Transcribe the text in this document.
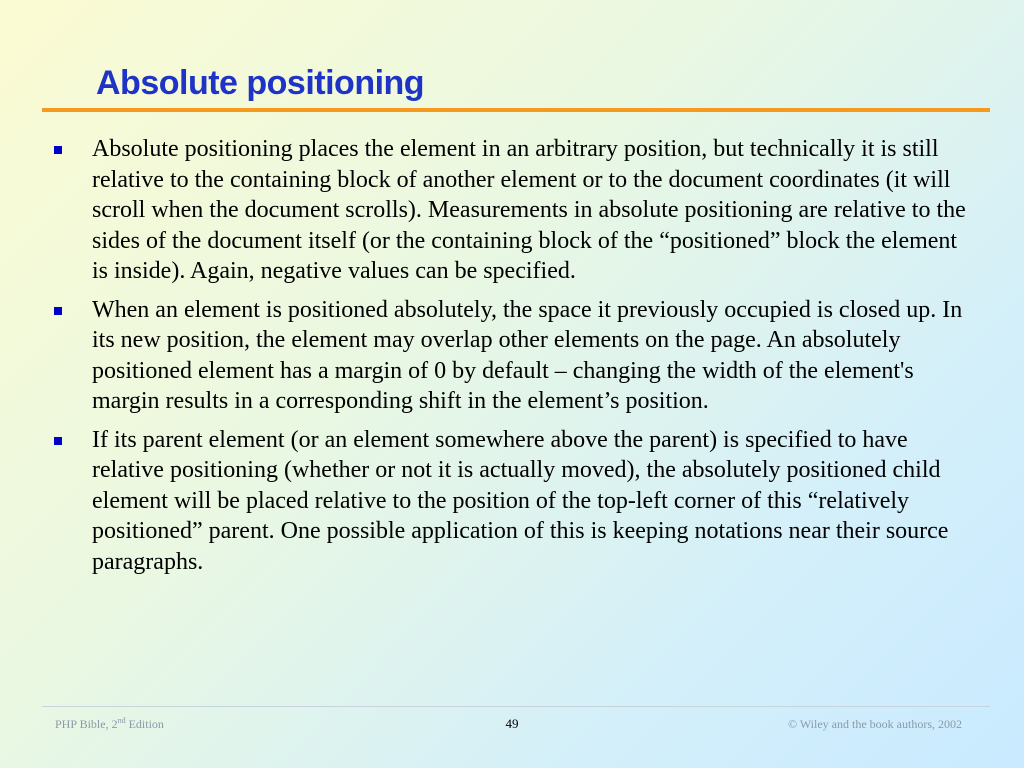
Absolute positioning
Absolute positioning places the element in an arbitrary position, but technically it is still relative to the containing block of another element or to the document coordinates (it will scroll when the document scrolls). Measurements in absolute positioning are relative to the sides of the document itself (or the containing block of the “positioned” block the element is inside). Again, negative values can be specified.
When an element is positioned absolutely, the space it previously occupied is closed up. In its new position, the element may overlap other elements on the page. An absolutely positioned element has a margin of 0 by default – changing the width of the element's margin results in a corresponding shift in the element’s position.
If its parent element (or an element somewhere above the parent) is specified to have relative positioning (whether or not it is actually moved), the absolutely positioned child element will be placed relative to the position of the top-left corner of this “relatively positioned” parent. One possible application of this is keeping notations near their source paragraphs.
PHP Bible, 2nd Edition	49	© Wiley and the book authors, 2002
